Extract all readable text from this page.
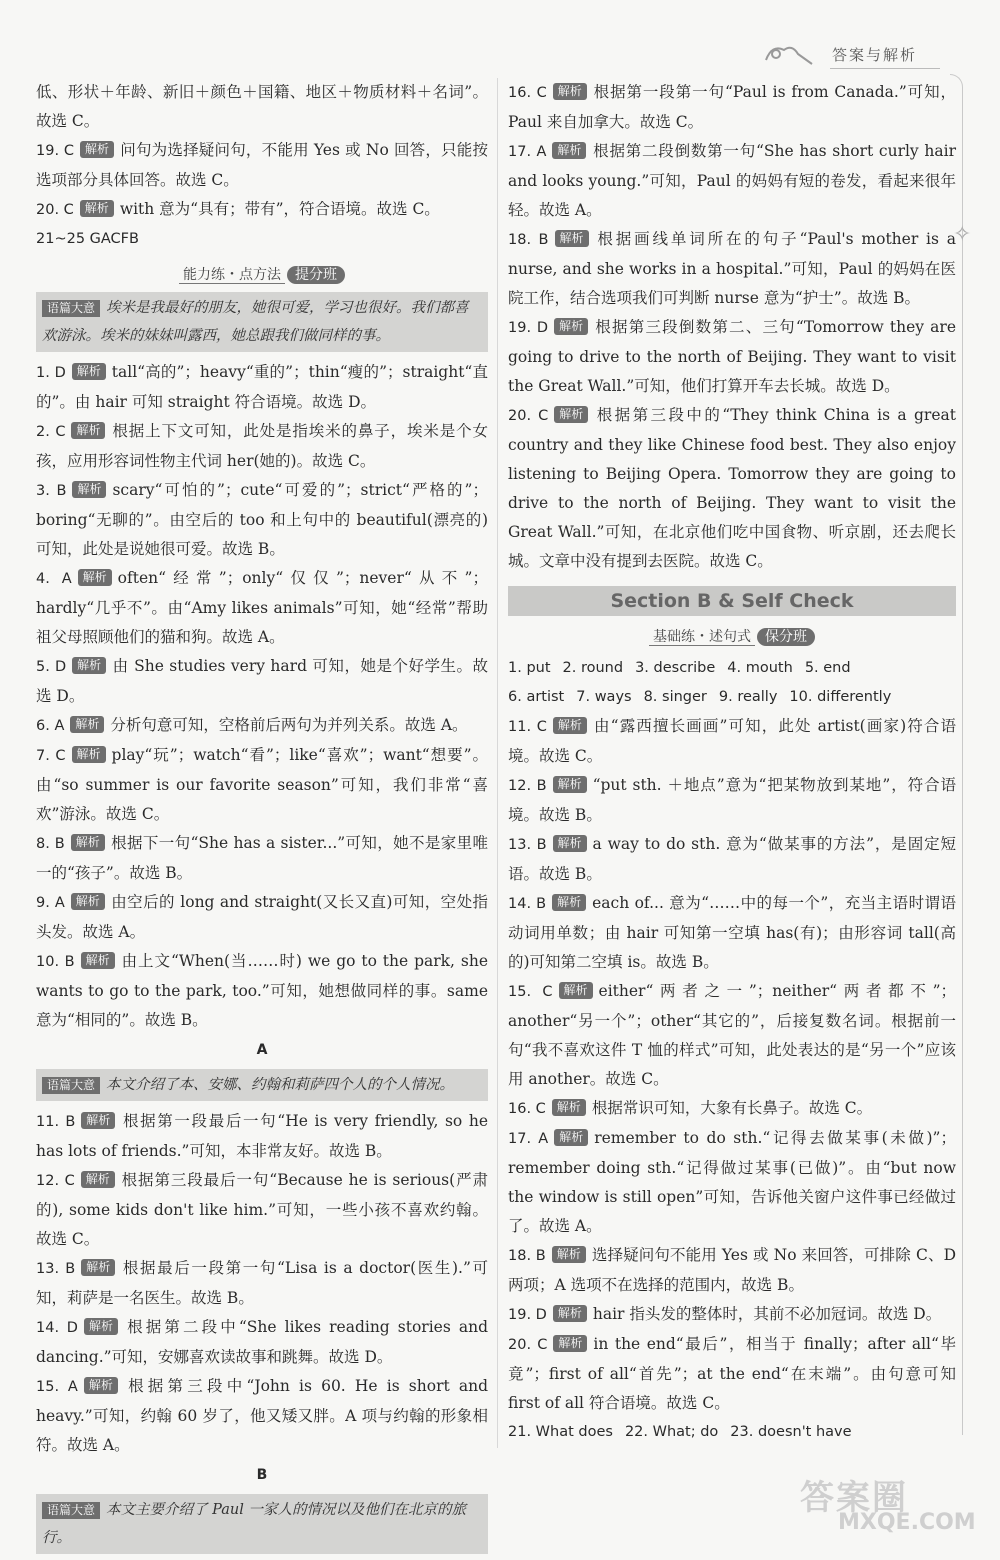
答案与解析
✧

低、形状＋年龄、新旧＋颜色＋国籍、地区＋物质材料＋名词”。故选 C。

19. C 解析 问句为选择疑问句，不能用 Yes 或 No 回答，只能按选项部分具体回答。故选 C。

20. C 解析 with 意为“具有；带有”，符合语境。故选 C。

21~25 GACFB

能力练・点方法 提分班
语篇大意 埃米是我最好的朋友，她很可爱，学习也很好。我们都喜欢游泳。埃米的妹妹叫露西，她总跟我们做同样的事。

1. D 解析 tall“高的”；heavy“重的”；thin“瘦的”；straight“直的”。由 hair 可知 straight 符合语境。故选 D。

2. C 解析 根据上下文可知，此处是指埃米的鼻子，埃米是个女孩，应用形容词性物主代词 her(她的)。故选 C。

3. B 解析 scary“可怕的”；cute“可爱的”；strict“严格的”；boring“无聊的”。由空后的 too 和上句中的 beautiful(漂亮的)可知，此处是说她很可爱。故选 B。

4. A 解析 often“经常”；only“仅仅”；never“从不”；hardly“几乎不”。由“Amy likes animals”可知，她“经常”帮助祖父母照顾他们的猫和狗。故选 A。

5. D 解析 由 She studies very hard 可知，她是个好学生。故选 D。

6. A 解析 分析句意可知，空格前后两句为并列关系。故选 A。

7. C 解析 play“玩”；watch“看”；like“喜欢”；want“想要”。由“so summer is our favorite season”可知，我们非常“喜欢”游泳。故选 C。

8. B 解析 根据下一句“She has a sister...”可知，她不是家里唯一的“孩子”。故选 B。

9. A 解析 由空后的 long and straight(又长又直)可知，空处指头发。故选 A。

10. B 解析 由上文“When(当……时) we go to the park, she wants to go to the park, too.”可知，她想做同样的事。same 意为“相同的”。故选 B。

A
语篇大意 本文介绍了本、安娜、约翰和莉萨四个人的个人情况。

11. B 解析 根据第一段最后一句“He is very friendly, so he has lots of friends.”可知，本非常友好。故选 B。

12. C 解析 根据第三段最后一句“Because he is serious(严肃的), some kids don't like him.”可知，一些小孩不喜欢约翰。故选 C。

13. B 解析 根据最后一段第一句“Lisa is a doctor(医生).”可知，莉萨是一名医生。故选 B。

14. D 解析 根据第二段中“She likes reading stories and dancing.”可知，安娜喜欢读故事和跳舞。故选 D。

15. A 解析 根据第三段中“John is 60. He is short and heavy.”可知，约翰 60 岁了，他又矮又胖。A 项与约翰的形象相符。故选 A。

B
语篇大意 本文主要介绍了 Paul 一家人的情况以及他们在北京的旅行。

16. C 解析 根据第一段第一句“Paul is from Canada.”可知，Paul 来自加拿大。故选 C。

17. A 解析 根据第二段倒数第一句“She has short curly hair and looks young.”可知，Paul 的妈妈有短的卷发，看起来很年轻。故选 A。

18. B 解析 根据画线单词所在的句子“Paul's mother is a nurse, and she works in a hospital.”可知，Paul 的妈妈在医院工作，结合选项我们可判断 nurse 意为“护士”。故选 B。

19. D 解析 根据第三段倒数第二、三句“Tomorrow they are going to drive to the north of Beijing. They want to visit the Great Wall.”可知，他们打算开车去长城。故选 D。

20. C 解析 根据第三段中的“They think China is a great country and they like Chinese food best. They also enjoy listening to Beijing Opera. Tomorrow they are going to drive to the north of Beijing. They want to visit the Great Wall.”可知，在北京他们吃中国食物、听京剧，还去爬长城。文章中没有提到去医院。故选 C。

Section B & Self Check
基础练・述句式 保分班

1. put 2. round 3. describe 4. mouth 5. end

6. artist 7. ways 8. singer 9. really 10. differently

11. C 解析 由“露西擅长画画”可知，此处 artist(画家)符合语境。故选 C。

12. B 解析 “put sth. ＋地点”意为“把某物放到某地”，符合语境。故选 B。

13. B 解析 a way to do sth. 意为“做某事的方法”，是固定短语。故选 B。

14. B 解析 each of... 意为“……中的每一个”，充当主语时谓语动词用单数；由 hair 可知第一空填 has(有)；由形容词 tall(高的)可知第二空填 is。故选 B。

15. C 解析 either“两者之一”；neither“两者都不”；another“另一个”；other“其它的”，后接复数名词。根据前一句“我不喜欢这件 T 恤的样式”可知，此处表达的是“另一个”应该用 another。故选 C。

16. C 解析 根据常识可知，大象有长鼻子。故选 C。

17. A 解析 remember to do sth.“记得去做某事(未做)”；remember doing sth.“记得做过某事(已做)”。由“but now the window is still open”可知，告诉他关窗户这件事已经做过了。故选 A。

18. B 解析 选择疑问句不能用 Yes 或 No 来回答，可排除 C、D 两项；A 选项不在选择的范围内，故选 B。

19. D 解析 hair 指头发的整体时，其前不必加冠词。故选 D。

20. C 解析 in the end“最后”，相当于 finally；after all“毕竟”；first of all“首先”；at the end“在末端”。由句意可知 first of all 符合语境。故选 C。

21. What does 22. What; do 23. doesn't have

答案圈
MXQE.COM
